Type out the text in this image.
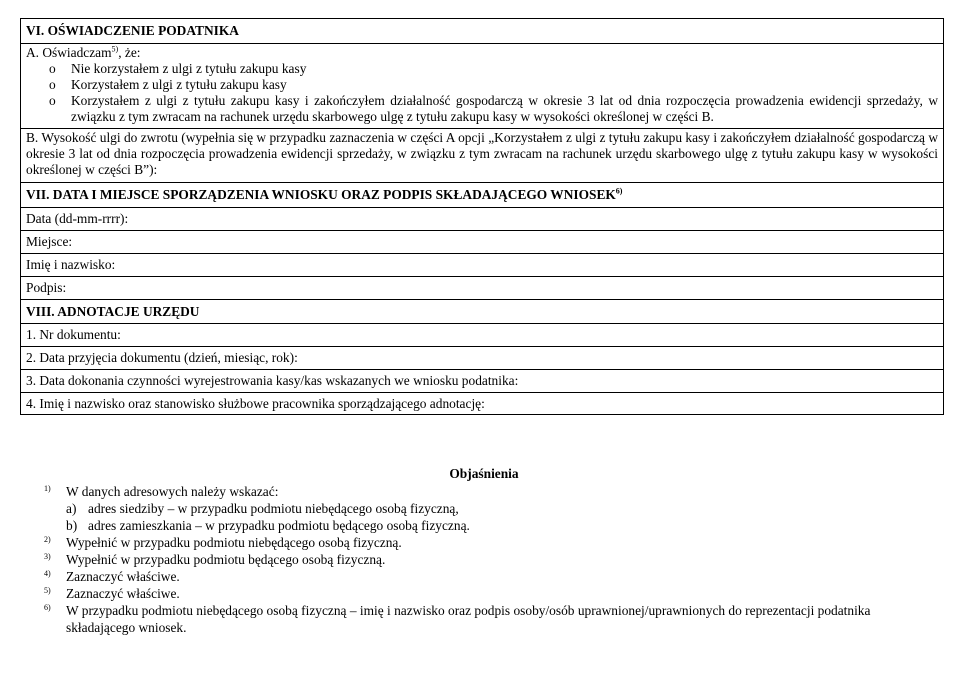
VI. OŚWIADCZENIE PODATNIKA
A. Oświadczam$^{5)}$, że:
o	Nie korzystałem z ulgi z tytułu zakupu kasy
o	Korzystałem z ulgi z tytułu zakupu kasy
o	Korzystałem z ulgi z tytułu zakupu kasy i zakończyłem działalność gospodarczą w okresie 3 lat od dnia rozpoczęcia prowadzenia ewidencji sprzedaży, w związku z tym zwracam na rachunek urzędu skarbowego ulgę z tytułu zakupu kasy w wysokości określonej w części B.
B. Wysokość ulgi do zwrotu (wypełnia się w przypadku zaznaczenia w części A opcji „Korzystałem z ulgi z tytułu zakupu kasy i zakończyłem działalność gospodarczą w okresie 3 lat od dnia rozpoczęcia prowadzenia ewidencji sprzedaży, w związku z tym zwracam na rachunek urzędu skarbowego ulgę z tytułu zakupu kasy w wysokości określonej w części B”):
VII. DATA I MIEJSCE SPORZĄDZENIA WNIOSKU ORAZ PODPIS SKŁADAJĄCEGO WNIOSEK$^{6)}$
Data (dd-mm-rrrr):
Miejsce:
Imię i nazwisko:
Podpis:
VIII. ADNOTACJE URZĘDU
1. Nr dokumentu:
2. Data przyjęcia dokumentu (dzień, miesiąc, rok):
3. Data dokonania czynności wyrejestrowania kasy/kas wskazanych we wniosku podatnika:
4. Imię i nazwisko oraz stanowisko służbowe pracownika sporządzającego adnotację:
Objaśnienia
1)	W danych adresowych należy wskazać:
a) adres siedziby – w przypadku podmiotu niebędącego osobą fizyczną,
b) adres zamieszkania – w przypadku podmiotu będącego osobą fizyczną.
2)	Wypełnić w przypadku podmiotu niebędącego osobą fizyczną.
3)	Wypełnić w przypadku podmiotu będącego osobą fizyczną.
4)	Zaznaczyć właściwe.
5)	Zaznaczyć właściwe.
6)	W przypadku podmiotu niebędącego osobą fizyczną – imię i nazwisko oraz podpis osoby/osób uprawnionej/uprawnionych do reprezentacji podatnika składającego wniosek.
